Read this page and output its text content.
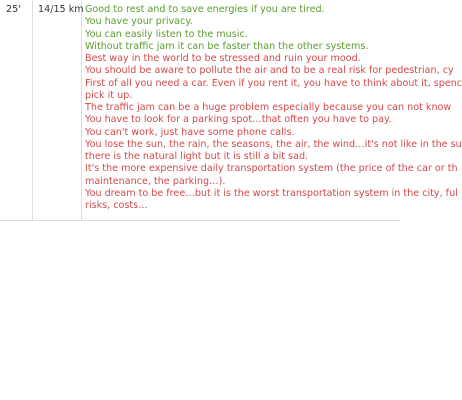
25' 14/15 km Good to rest and to save energies if you are tired.
You have your privacy.
You can easily listen to the music.
Without traffic jam it can be faster than the other systems.
Best way in the world to be stressed and ruin your mood.
You should be aware to pollute the air and to be a real risk for pedestrian, cy
First of all you need a car. Even if you rent it, you have to think about it, spenc
pick it up.
The traffic jam can be a huge problem especially because you can not know
You have to look for a parking spot…that often you have to pay.
You can't work, just have some phone calls.
You lose the sun, the rain, the seasons, the air, the wind…it's not like in the su
there is the natural light but it is still a bit sad.
It's the more expensive daily transportation system (the price of the car or th
maintenance, the parking…).
You dream to be free…but it is the worst transportation system in the city, ful
risks, costs…
